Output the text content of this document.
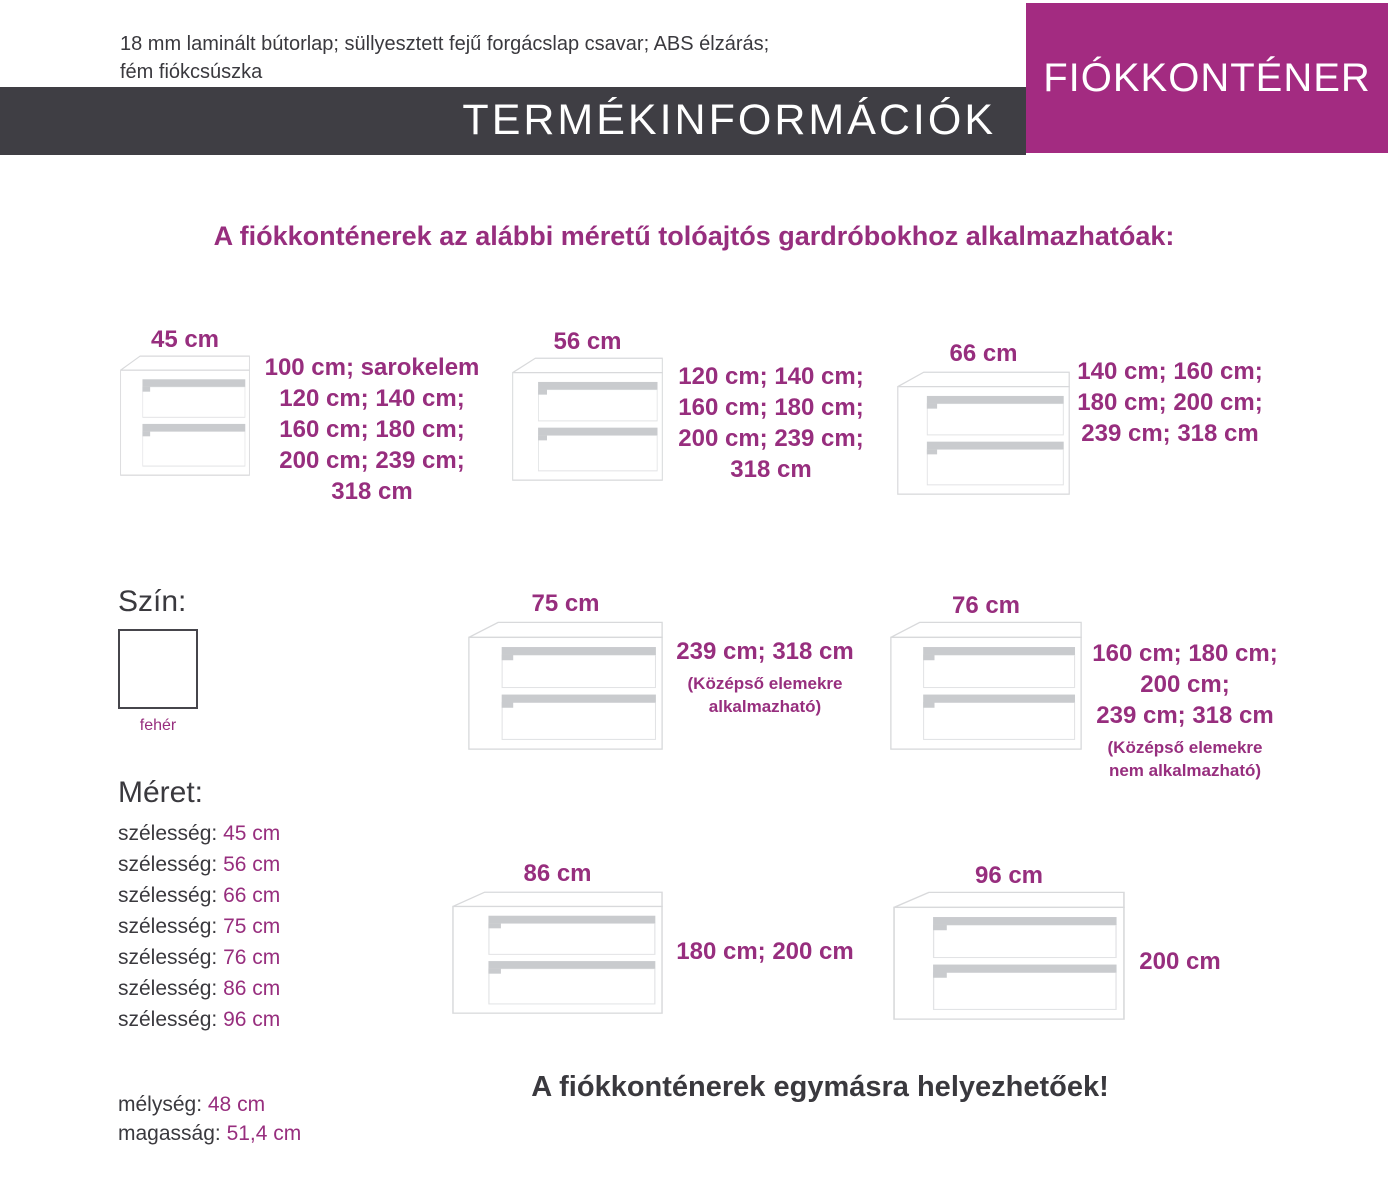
18 mm laminált bútorlap; süllyesztett fejű forgácslap csavar; ABS élzárás;
fém fiókcsúszka
TERMÉKINFORMÁCIÓK
FIÓKKONTÉNER
A fiókkonténerek az alábbi méretű tolóajtós gardróbokhoz alkalmazhatóak:
45 cm
100 cm; sarokelem
120 cm; 140 cm;
160 cm; 180 cm;
200 cm; 239 cm;
318 cm
56 cm
120 cm; 140 cm;
160 cm; 180 cm;
200 cm; 239 cm;
318 cm
66 cm
140 cm; 160 cm;
180 cm; 200 cm;
239 cm; 318 cm
75 cm
239 cm; 318 cm
(Középső elemekre alkalmazható)
76 cm
160 cm; 180 cm;
200 cm;
239 cm; 318 cm
(Középső elemekre nem alkalmazható)
86 cm
180 cm; 200 cm
96 cm
200 cm
Szín:
fehér
Méret:
szélesség: 45 cm
szélesség: 56 cm
szélesség: 66 cm
szélesség: 75 cm
szélesség: 76 cm
szélesség: 86 cm
szélesség: 96 cm
mélység: 48 cm
magasság: 51,4 cm
A fiókkonténerek egymásra helyezhetőek!
